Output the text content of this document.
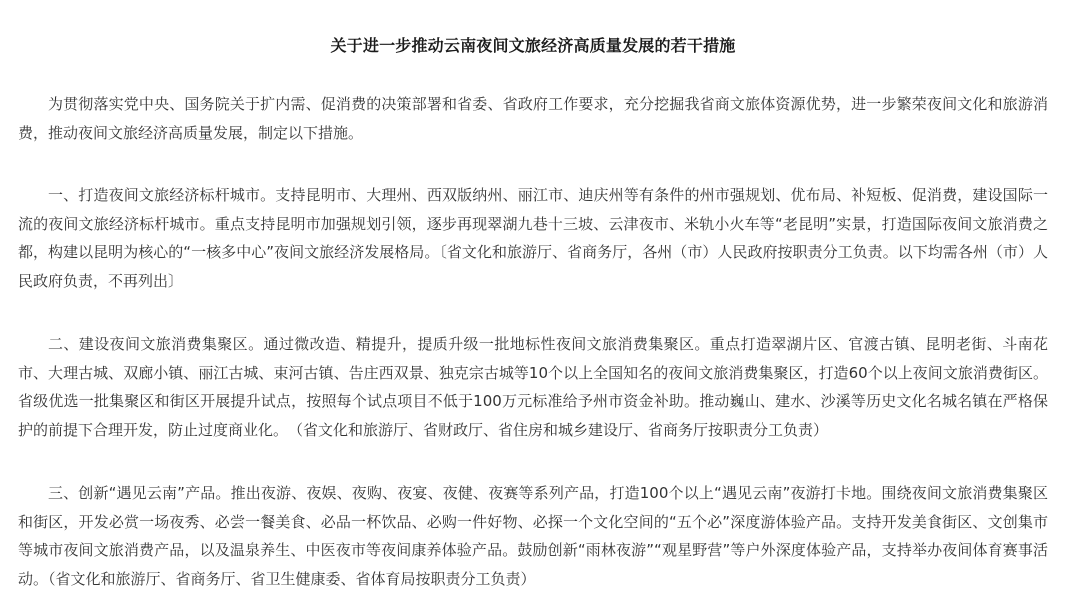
关于进一步推动云南夜间文旅经济高质量发展的若干措施

为贯彻落实党中央、国务院关于扩内需、促消费的决策部署和省委、省政府工作要求，充分挖掘我省商文旅体资源优势，进一步繁荣夜间文化和旅游消费，推动夜间文旅经济高质量发展，制定以下措施。

一、打造夜间文旅经济标杆城市。支持昆明市、大理州、西双版纳州、丽江市、迪庆州等有条件的州市强规划、优布局、补短板、促消费，建设国际一流的夜间文旅经济标杆城市。重点支持昆明市加强规划引领，逐步再现翠湖九巷十三坡、云津夜市、米轨小火车等“老昆明”实景，打造国际夜间文旅消费之都，构建以昆明为核心的“一核多中心”夜间文旅经济发展格局。〔省文化和旅游厅、省商务厅，各州（市）人民政府按职责分工负责。以下均需各州（市）人民政府负责，不再列出〕

二、建设夜间文旅消费集聚区。通过微改造、精提升，提质升级一批地标性夜间文旅消费集聚区。重点打造翠湖片区、官渡古镇、昆明老街、斗南花市、大理古城、双廊小镇、丽江古城、束河古镇、告庄西双景、独克宗古城等10个以上全国知名的夜间文旅消费集聚区，打造60个以上夜间文旅消费街区。省级优选一批集聚区和街区开展提升试点，按照每个试点项目不低于100万元标准给予州市资金补助。推动巍山、建水、沙溪等历史文化名城名镇在严格保护的前提下合理开发，防止过度商业化。　（省文化和旅游厅、省财政厅、省住房和城乡建设厅、省商务厅按职责分工负责）

三、创新“遇见云南”产品。推出夜游、夜娱、夜购、夜宴、夜健、夜赛等系列产品，打造100个以上“遇见云南”夜游打卡地。围绕夜间文旅消费集聚区和街区，开发必赏一场夜秀、必尝一餐美食、必品一杯饮品、必购一件好物、必探一个文化空间的“五个必”深度游体验产品。支持开发美食街区、文创集市等城市夜间文旅消费产品，以及温泉养生、中医夜市等夜间康养体验产品。鼓励创新“雨林夜游”“观星野营”等户外深度体验产品，支持举办夜间体育赛事活动。（省文化和旅游厅、省商务厅、省卫生健康委、省体育局按职责分工负责）
